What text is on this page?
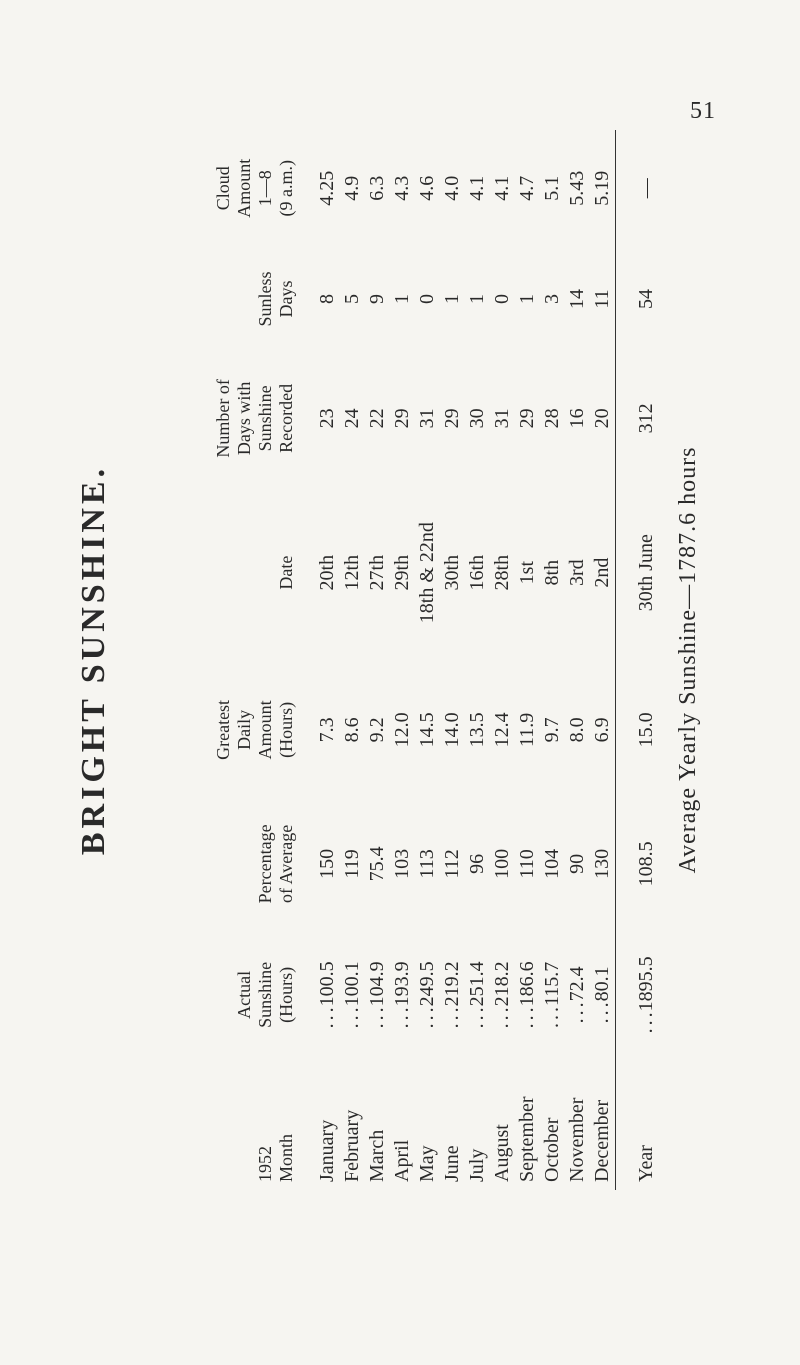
51
BRIGHT SUNSHINE.
1952 Month	Actual Sunshine (Hours)	Percentage of Average	Greatest Daily Amount (Hours)	Date	Number of Days with Sunshine Recorded	Sunless Days	Cloud Amount 1—8 (9 a.m.)

January	...100.5	150	7.3	20th	23	8	4.25
February	...100.1	119	8.6	12th	24	5	4.9
March	...104.9	75.4	9.2	27th	22	9	6.3
April	...193.9	103	12.0	29th	29	1	4.3
May	...249.5	113	14.5	18th & 22nd	31	0	4.6
June	...219.2	112	14.0	30th	29	1	4.0
July	...251.4	96	13.5	16th	30	1	4.1
August	...218.2	100	12.4	28th	31	0	4.1
September	...186.6	110	11.9	1st	29	1	4.7
October	...115.7	104	9.7	8th	28	3	5.1
November	...72.4	90	8.0	3rd	16	14	5.43
December	...80.1	130	6.9	2nd	20	11	5.19
Year	...1895.5	108.5	15.0	30th June	312	54	—
Average Yearly Sunshine—1787.6 hours
